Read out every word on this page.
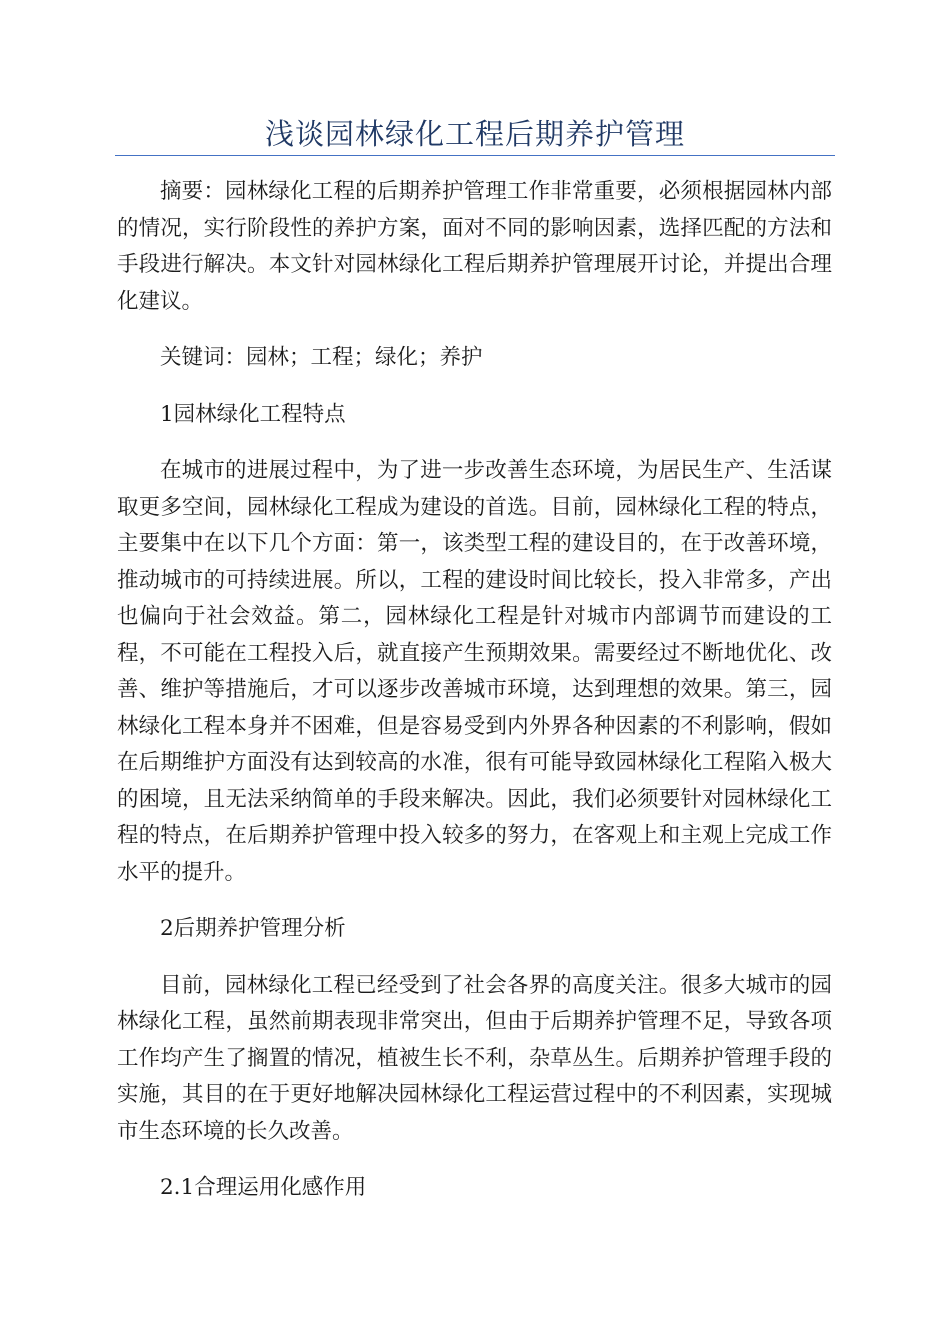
浅谈园林绿化工程后期养护管理

摘要：园林绿化工程的后期养护管理工作非常重要，必须根据园林内部的情况，实行阶段性的养护方案，面对不同的影响因素，选择匹配的方法和手段进行解决。本文针对园林绿化工程后期养护管理展开讨论，并提出合理化建议。

关键词：园林；工程；绿化；养护

1园林绿化工程特点

在城市的进展过程中，为了进一步改善生态环境，为居民生产、生活谋取更多空间，园林绿化工程成为建设的首选。目前，园林绿化工程的特点，主要集中在以下几个方面：第一，该类型工程的建设目的，在于改善环境，推动城市的可持续进展。所以，工程的建设时间比较长，投入非常多，产出也偏向于社会效益。第二，园林绿化工程是针对城市内部调节而建设的工程，不可能在工程投入后，就直接产生预期效果。需要经过不断地优化、改善、维护等措施后，才可以逐步改善城市环境，达到理想的效果。第三，园林绿化工程本身并不困难，但是容易受到内外界各种因素的不利影响，假如在后期维护方面没有达到较高的水准，很有可能导致园林绿化工程陷入极大的困境，且无法采纳简单的手段来解决。因此，我们必须要针对园林绿化工程的特点，在后期养护管理中投入较多的努力，在客观上和主观上完成工作水平的提升。

2后期养护管理分析

目前，园林绿化工程已经受到了社会各界的高度关注。很多大城市的园林绿化工程，虽然前期表现非常突出，但由于后期养护管理不足，导致各项工作均产生了搁置的情况，植被生长不利，杂草丛生。后期养护管理手段的实施，其目的在于更好地解决园林绿化工程运营过程中的不利因素，实现城市生态环境的长久改善。

2.1合理运用化感作用
